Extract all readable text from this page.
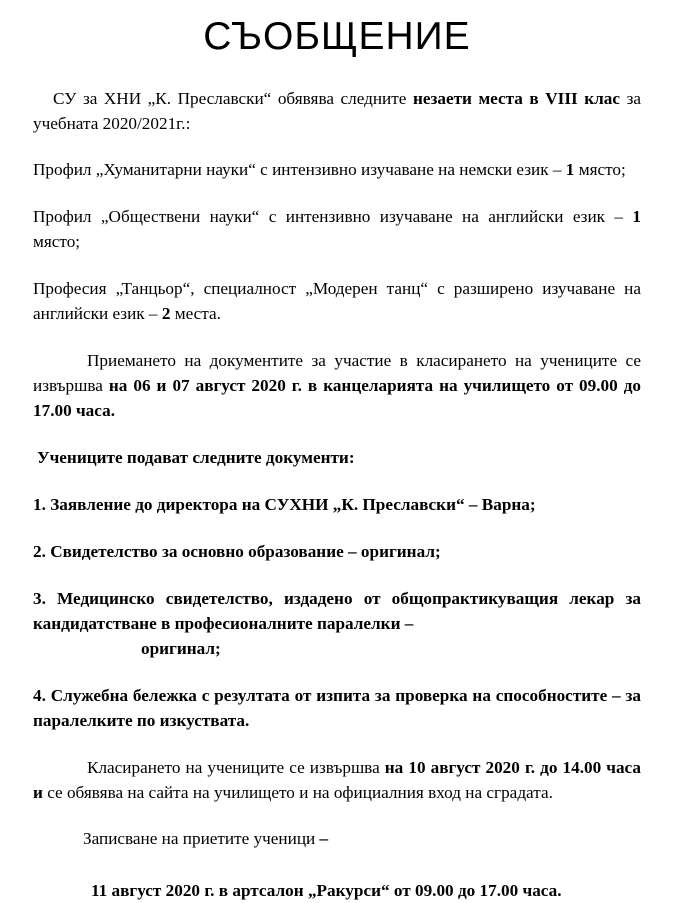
СЪОБЩЕНИЕ

СУ за ХНИ „К. Преславски“ обявява следните незаети места в VIII клас за учебната 2020/2021г.:

Профил „Хуманитарни науки“ с интензивно изучаване на немски език – 1 място;

Профил „Обществени науки“ с интензивно изучаване на английски език – 1 място;

Професия „Танцьор“, специалност „Модерен танц“ с разширено изучаване на английски език – 2 места.

Приемането на документите за участие в класирането на учениците се извършва на 06 и 07 август 2020 г. в канцеларията на училището от 09.00 до 17.00 часа.

Учениците подават следните документи:

1. Заявление до директора на СУХНИ „К. Преславски“ – Варна;

2. Свидетелство за основно образование – оригинал;

3. Медицинско свидетелство, издадено от общопрактикуващия лекар за кандидатстване в професионалните паралелки –
оригинал;

4. Служебна бележка с резултата от изпита за проверка на способностите – за паралелките по изкуствата.

Класирането на учениците се извършва на 10 август 2020 г. до 14.00 часа и се обявява на сайта на училището и на официалния вход на сградата.

Записване на приетите ученици –

11 август 2020 г. в артсалон „Ракурси“ от 09.00 до 17.00 часа.
